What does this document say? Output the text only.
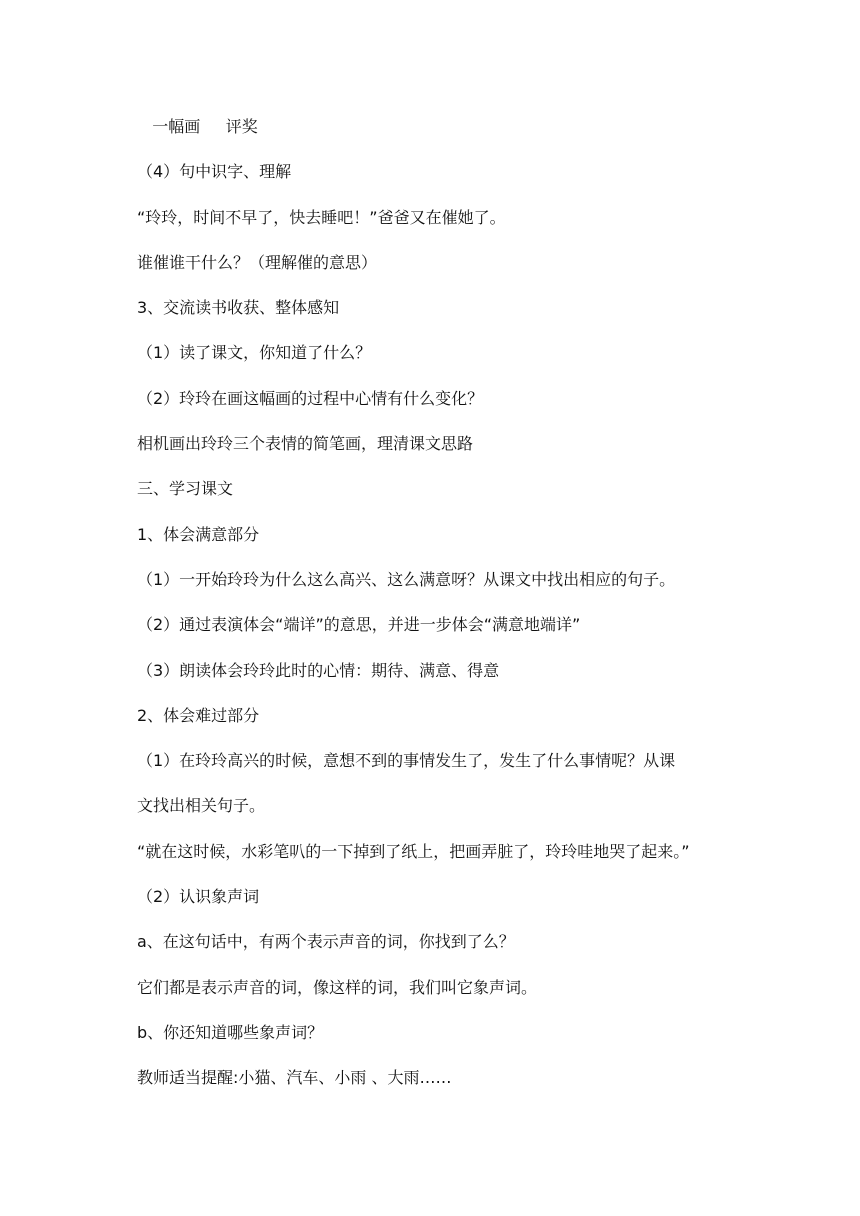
一幅画     评奖
（4）句中识字、理解
“玲玲，时间不早了，快去睡吧！”爸爸又在催她了。
谁催谁干什么？（理解催的意思）
3、交流读书收获、整体感知
（1）读了课文，你知道了什么？
（2）玲玲在画这幅画的过程中心情有什么变化？
相机画出玲玲三个表情的简笔画，理清课文思路
三、学习课文
1、体会满意部分
（1）一开始玲玲为什么这么高兴、这么满意呀？从课文中找出相应的句子。
（2）通过表演体会“端详”的意思，并进一步体会“满意地端详”
（3）朗读体会玲玲此时的心情：期待、满意、得意
2、体会难过部分
（1）在玲玲高兴的时候，意想不到的事情发生了，发生了什么事情呢？从课
文找出相关句子。
“就在这时候，水彩笔叭的一下掉到了纸上，把画弄脏了，玲玲哇地哭了起来。”
（2）认识象声词
a、在这句话中，有两个表示声音的词，你找到了么？
它们都是表示声音的词，像这样的词，我们叫它象声词。
b、你还知道哪些象声词？
教师适当提醒:小猫、汽车、小雨 、大雨……
